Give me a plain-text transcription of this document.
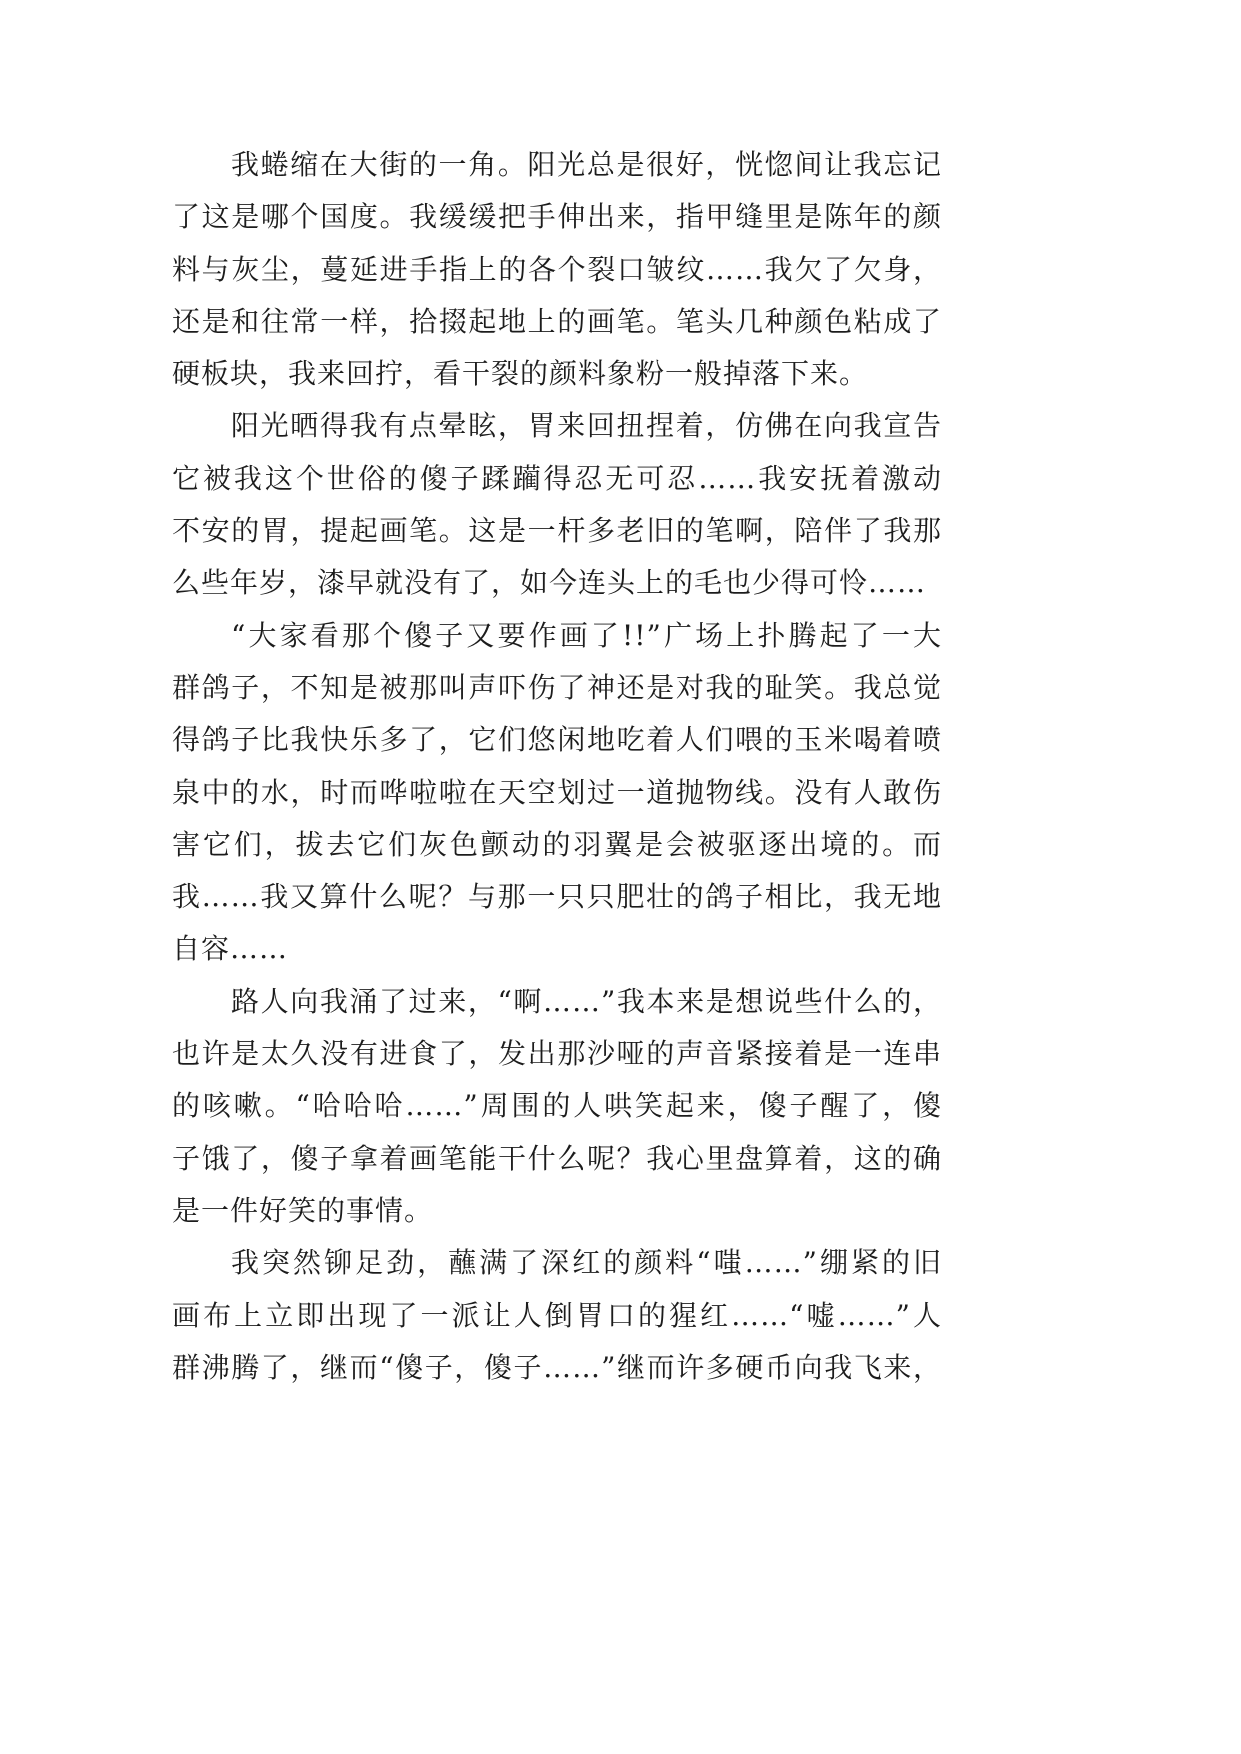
我蜷缩在大街的一角。阳光总是很好，恍惚间让我忘记
了这是哪个国度。我缓缓把手伸出来，指甲缝里是陈年的颜
料与灰尘，蔓延进手指上的各个裂口皱纹……我欠了欠身，
还是和往常一样，拾掇起地上的画笔。笔头几种颜色粘成了
硬板块，我来回拧，看干裂的颜料象粉一般掉落下来。
阳光晒得我有点晕眩，胃来回扭捏着，仿佛在向我宣告
它被我这个世俗的傻子蹂躏得忍无可忍……我安抚着激动
不安的胃，提起画笔。这是一杆多老旧的笔啊，陪伴了我那
么些年岁，漆早就没有了，如今连头上的毛也少得可怜……
“大家看那个傻子又要作画了!!”广场上扑腾起了一大
群鸽子，不知是被那叫声吓伤了神还是对我的耻笑。我总觉
得鸽子比我快乐多了，它们悠闲地吃着人们喂的玉米喝着喷
泉中的水，时而哗啦啦在天空划过一道抛物线。没有人敢伤
害它们，拔去它们灰色颤动的羽翼是会被驱逐出境的。而
我……我又算什么呢？与那一只只肥壮的鸽子相比，我无地
自容……
路人向我涌了过来，“啊……”我本来是想说些什么的，
也许是太久没有进食了，发出那沙哑的声音紧接着是一连串
的咳嗽。“哈哈哈……”周围的人哄笑起来，傻子醒了，傻
子饿了，傻子拿着画笔能干什么呢？我心里盘算着，这的确
是一件好笑的事情。
我突然铆足劲，蘸满了深红的颜料“嗤……”绷紧的旧
画布上立即出现了一派让人倒胃口的猩红……“嘘……”人
群沸腾了，继而“傻子，傻子……”继而许多硬币向我飞来，
